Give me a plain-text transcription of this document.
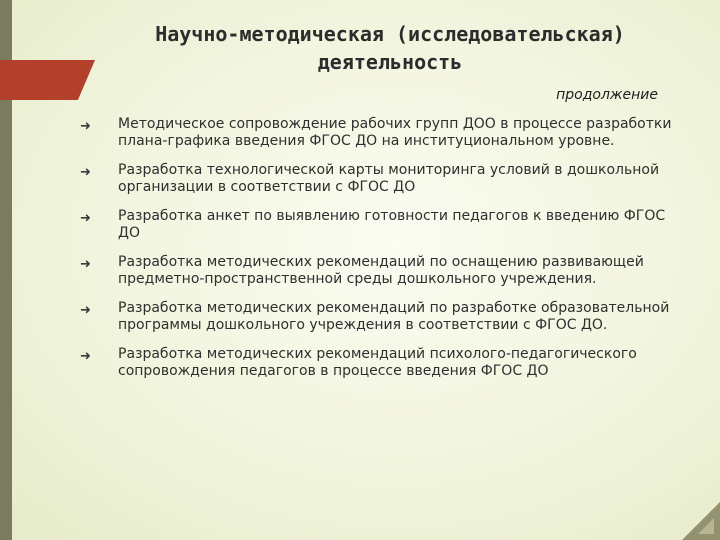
Научно-методическая (исследовательская) деятельность
продолжение
➜ Методическое сопровождение рабочих групп ДОО в процессе разработки плана-графика введения ФГОС ДО на институциональном уровне.
➜ Разработка технологической карты мониторинга условий в дошкольной организации в соответствии с ФГОС ДО
➜ Разработка анкет по выявлению готовности педагогов к введению ФГОС ДО
➜ Разработка методических рекомендаций по оснащению развивающей предметно-пространственной среды дошкольного учреждения.
➜ Разработка методических рекомендаций по разработке образовательной программы дошкольного учреждения в соответствии с ФГОС ДО.
➜ Разработка методических рекомендаций психолого-педагогического сопровождения педагогов в процессе введения ФГОС ДО
